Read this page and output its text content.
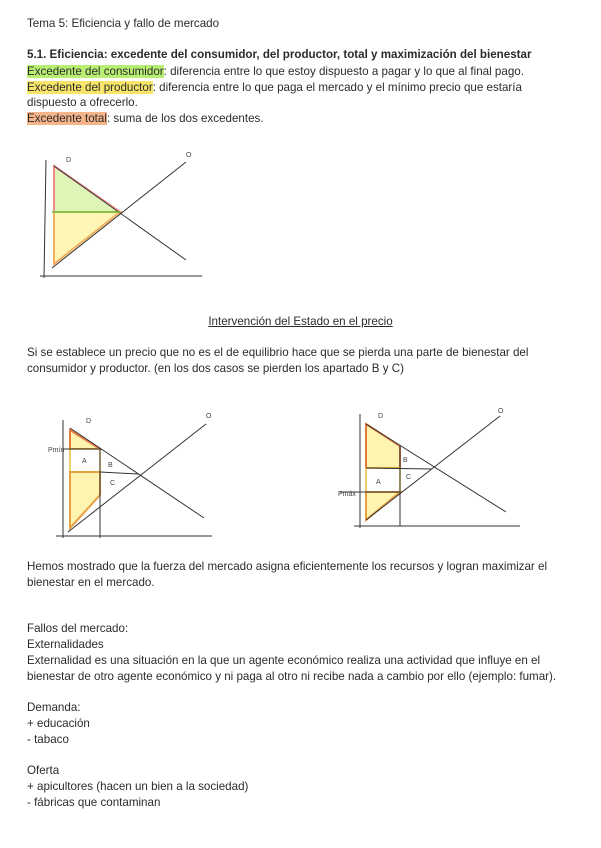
Tema 5: Eficiencia y fallo de mercado
5.1. Eficiencia: excedente del consumidor, del productor, total y maximización del bienestar
Excedente del consumidor: diferencia entre lo que estoy dispuesto a pagar y lo que al final pago.
Excedente del productor: diferencia entre lo que paga el mercado y el mínimo precio que estaría
dispuesto a ofrecerlo.
Excedente total: suma de los dos excedentes.
D
O
D
O
Pmín
A
B
C
D
O
Pmáx
A
B
C
Intervención del Estado en el precio
Si se establece un precio que no es el de equilibrio hace que se pierda una parte de bienestar del
consumidor y productor. (en los dos casos se pierden los apartado B y C)
Hemos mostrado que la fuerza del mercado asigna eficientemente los recursos y logran maximizar el
bienestar en el mercado.
Fallos del mercado:
Externalidades
Externalidad es una situación en la que un agente económico realiza una actividad que influye en el
bienestar de otro agente económico y ni paga al otro ni recibe nada a cambio por ello (ejemplo: fumar).
Demanda:
+ educación
- tabaco
Oferta
+ apicultores (hacen un bien a la sociedad)
- fábricas que contaminan
